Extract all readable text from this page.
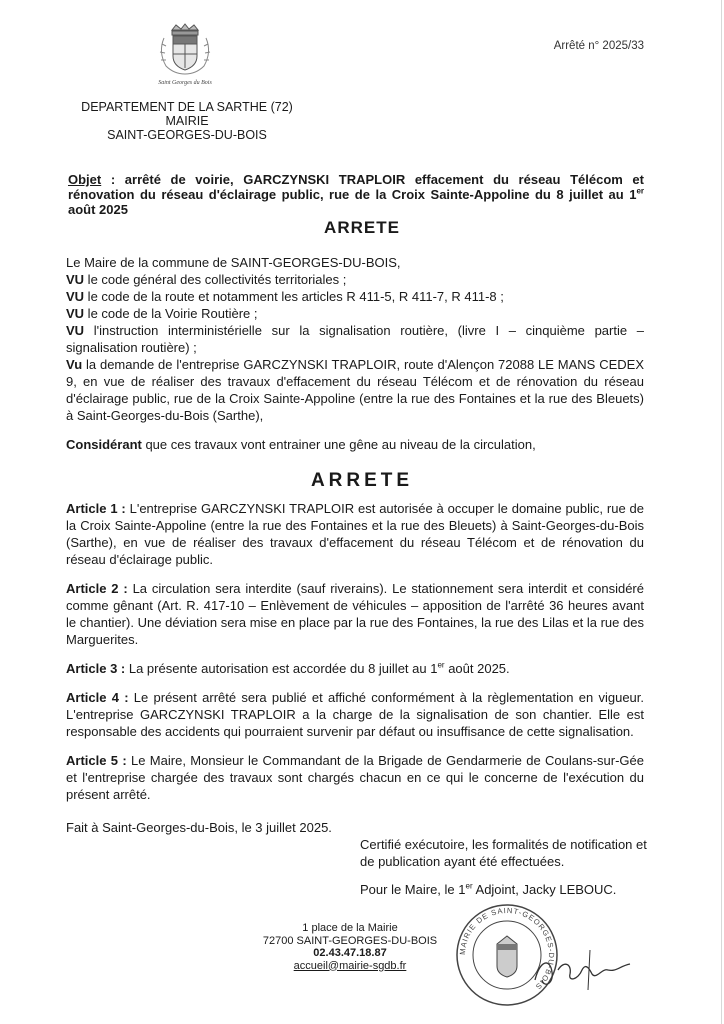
Saint Georges du Bois
Arrêté n° 2025/33
DEPARTEMENT DE LA SARTHE (72)
MAIRIE
SAINT-GEORGES-DU-BOIS
Objet : arrêté de voirie, GARCZYNSKI TRAPLOIR effacement du réseau Télécom et rénovation du réseau d'éclairage public, rue de la Croix Sainte-Appoline du 8 juillet au 1er août 2025
ARRETE

Le Maire de la commune de SAINT-GEORGES-DU-BOIS,

VU le code général des collectivités territoriales ;

VU le code de la route et notamment les articles R 411-5, R 411-7, R 411-8 ;

VU le code de la Voirie Routière ;

VU l'instruction interministérielle sur la signalisation routière, (livre I – cinquième partie – signalisation routière) ;

Vu la demande de l'entreprise GARCZYNSKI TRAPLOIR, route d'Alençon 72088 LE MANS CEDEX 9, en vue de réaliser des travaux d'effacement du réseau Télécom et de rénovation du réseau d'éclairage public, rue de la Croix Sainte-Appoline (entre la rue des Fontaines et la rue des Bleuets) à Saint-Georges-du-Bois (Sarthe),

Considérant que ces travaux vont entrainer une gêne au niveau de la circulation,
ARRETE

Article 1 : L'entreprise GARCZYNSKI TRAPLOIR est autorisée à occuper le domaine public, rue de la Croix Sainte-Appoline (entre la rue des Fontaines et la rue des Bleuets) à Saint-Georges-du-Bois (Sarthe), en vue de réaliser des travaux d'effacement du réseau Télécom et de rénovation du réseau d'éclairage public.

Article 2 : La circulation sera interdite (sauf riverains). Le stationnement sera interdit et considéré comme gênant (Art. R. 417-10 – Enlèvement de véhicules – apposition de l'arrêté 36 heures avant le chantier). Une déviation sera mise en place par la rue des Fontaines, la rue des Lilas et la rue des Marguerites.

Article 3 : La présente autorisation est accordée du 8 juillet au 1er août 2025.

Article 4 : Le présent arrêté sera publié et affiché conformément à la règlementation en vigueur. L'entreprise GARCZYNSKI TRAPLOIR a la charge de la signalisation de son chantier. Elle est responsable des accidents qui pourraient survenir par défaut ou insuffisance de cette signalisation.

Article 5 : Le Maire, Monsieur le Commandant de la Brigade de Gendarmerie de Coulans-sur-Gée et l'entreprise chargée des travaux sont chargés chacun en ce qui le concerne de l'exécution du présent arrêté.

Fait à Saint-Georges-du-Bois, le 3 juillet 2025.
Certifié exécutoire, les formalités de notification et de publication ayant été effectuées.
Pour le Maire, le 1er Adjoint, Jacky LEBOUC.
1 place de la Mairie
72700 SAINT-GEORGES-DU-BOIS
02.43.47.18.87
accueil@mairie-sgdb.fr
MAIRIE DE SAINT-GEORGES-DU-BOIS
